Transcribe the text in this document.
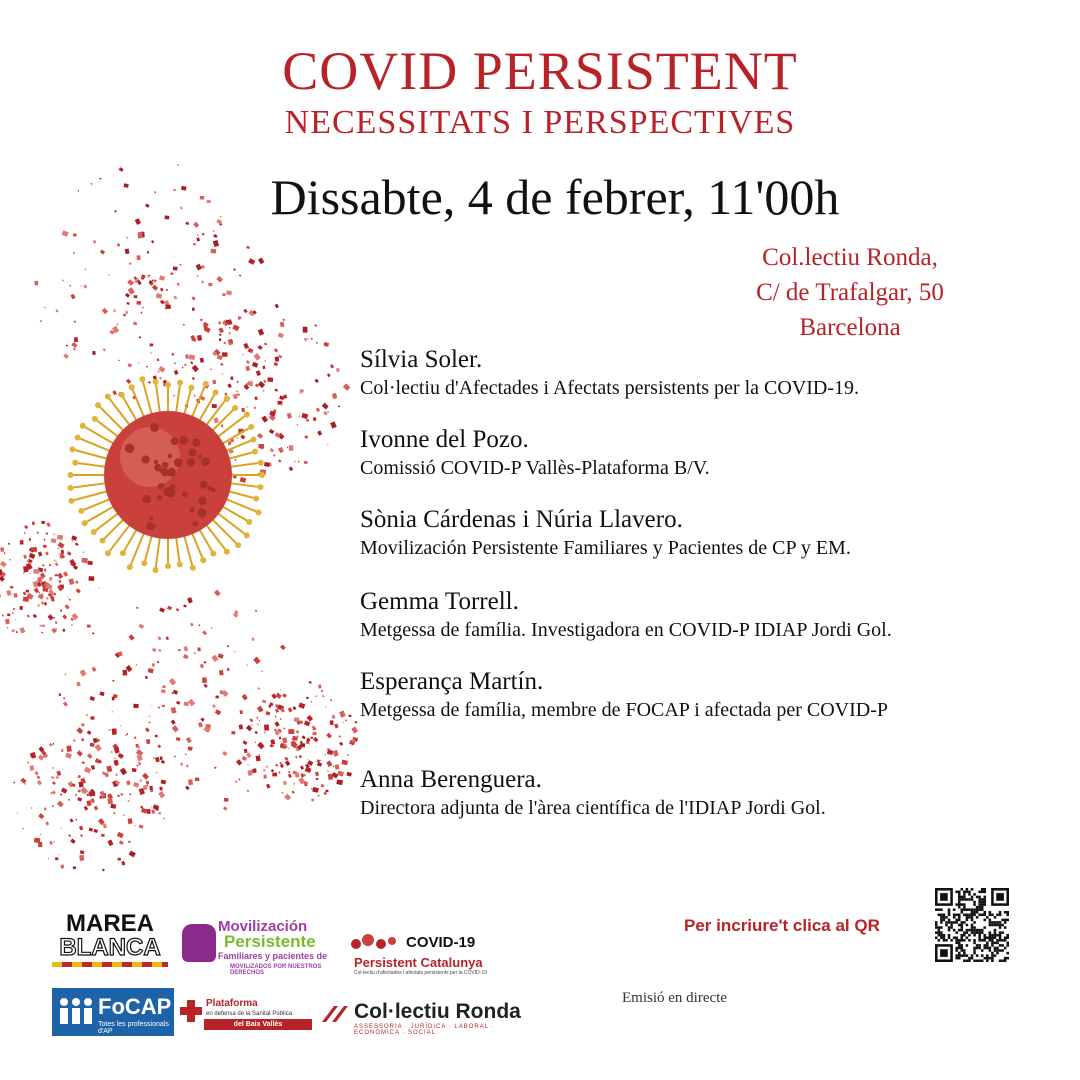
COVID PERSISTENT
NECESSITATS I PERSPECTIVES
Dissabte, 4 de febrer, 11'00h
Col.lectiu Ronda,
C/ de Trafalgar, 50
Barcelona
Sílvia Soler.
Col·lectiu d'Afectades i Afectats persistents per la COVID-19.
Ivonne del Pozo.
Comissió COVID-P Vallès-Plataforma B/V.
Sònia Cárdenas i Núria Llavero.
Movilización Persistente Familiares y Pacientes de CP y EM.
Gemma Torrell.
Metgessa de família. Investigadora en COVID-P IDIAP Jordi Gol.
Esperança Martín.
Metgessa de família, membre de FOCAP i afectada per COVID-P
Anna Berenguera.
Directora adjunta de l'àrea científica de l'IDIAP Jordi Gol.
Per incriure't clica al QR
Emisió en directe
MAREA
BLANCA
Movilización
Persistente
Familiares y pacientes de
MOVILIZADOS POR NUESTROS DERECHOS
COVID-19
Persistent Catalunya
Col·lectiu d'afectades i afectats persistents per la COVID-19
FoCAP
Totes les professionals d'AP
Plataforma
en defensa de la Sanitat Pública
del Baix Vallès
Col·lectiu Ronda
ASSESSORIA · JURÍDICA · LABORAL · ECONÒMICA · SOCIAL
